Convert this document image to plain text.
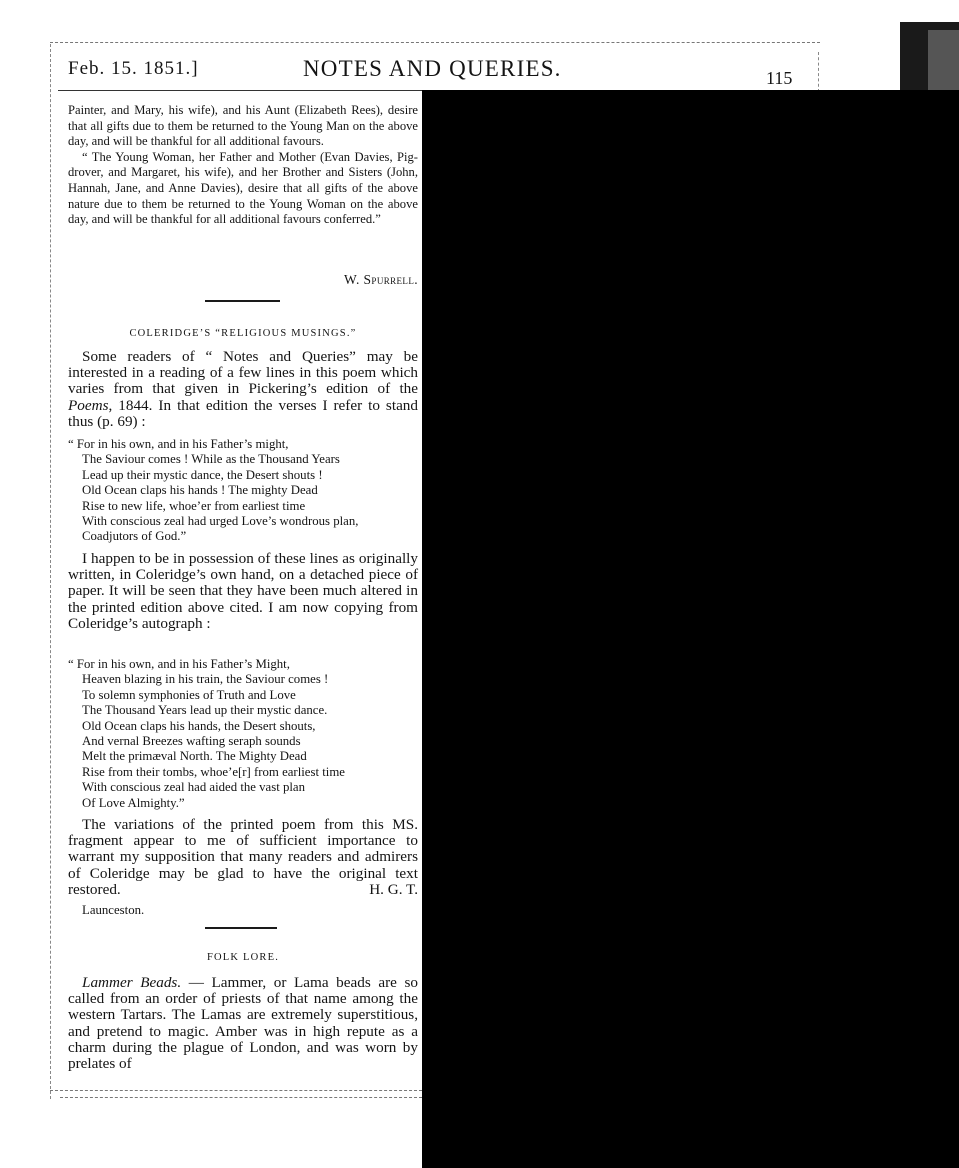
Feb. 15. 1851.]	NOTES AND QUERIES.	115

Painter, and Mary, his wife), and his Aunt (Elizabeth Rees), desire that all gifts due to them be returned to the Young Man on the above day, and will be thankful for all additional favours.

“ The Young Woman, her Father and Mother (Evan Davies, Pig-drover, and Margaret, his wife), and her Brother and Sisters (John, Hannah, Jane, and Anne Davies), desire that all gifts of the above nature due to them be returned to the Young Woman on the above day, and will be thankful for all additional favours conferred.”

W. Spurrell.
COLERIDGE’S “RELIGIOUS MUSINGS.”

Some readers of “ Notes and Queries” may be interested in a reading of a few lines in this poem which varies from that given in Pickering’s edition of the Poems, 1844. In that edition the verses I refer to stand thus (p. 69) :

“ For in his own, and in his Father’s might,
The Saviour comes ! While as the Thousand Years
Lead up their mystic dance, the Desert shouts !
Old Ocean claps his hands ! The mighty Dead
Rise to new life, whoe’er from earliest time
With conscious zeal had urged Love’s wondrous plan,
Coadjutors of God.”

I happen to be in possession of these lines as originally written, in Coleridge’s own hand, on a detached piece of paper. It will be seen that they have been much altered in the printed edition above cited. I am now copying from Coleridge’s autograph :

“ For in his own, and in his Father’s Might,
Heaven blazing in his train, the Saviour comes !
To solemn symphonies of Truth and Love
The Thousand Years lead up their mystic dance.
Old Ocean claps his hands, the Desert shouts,
And vernal Breezes wafting seraph sounds
Melt the primæval North. The Mighty Dead
Rise from their tombs, whoe’e[r] from earliest time
With conscious zeal had aided the vast plan
Of Love Almighty.”

The variations of the printed poem from this MS. fragment appear to me of sufficient importance to warrant my supposition that many readers and admirers of Coleridge may be glad to have the original text restored.	H. G. T.

Launceston.
FOLK LORE.

Lammer Beads. — Lammer, or Lama beads are so called from an order of priests of that name among the western Tartars. The Lamas are extremely superstitious, and pretend to magic. Amber was in high repute as a charm during the plague of London, and was worn by prelates of
